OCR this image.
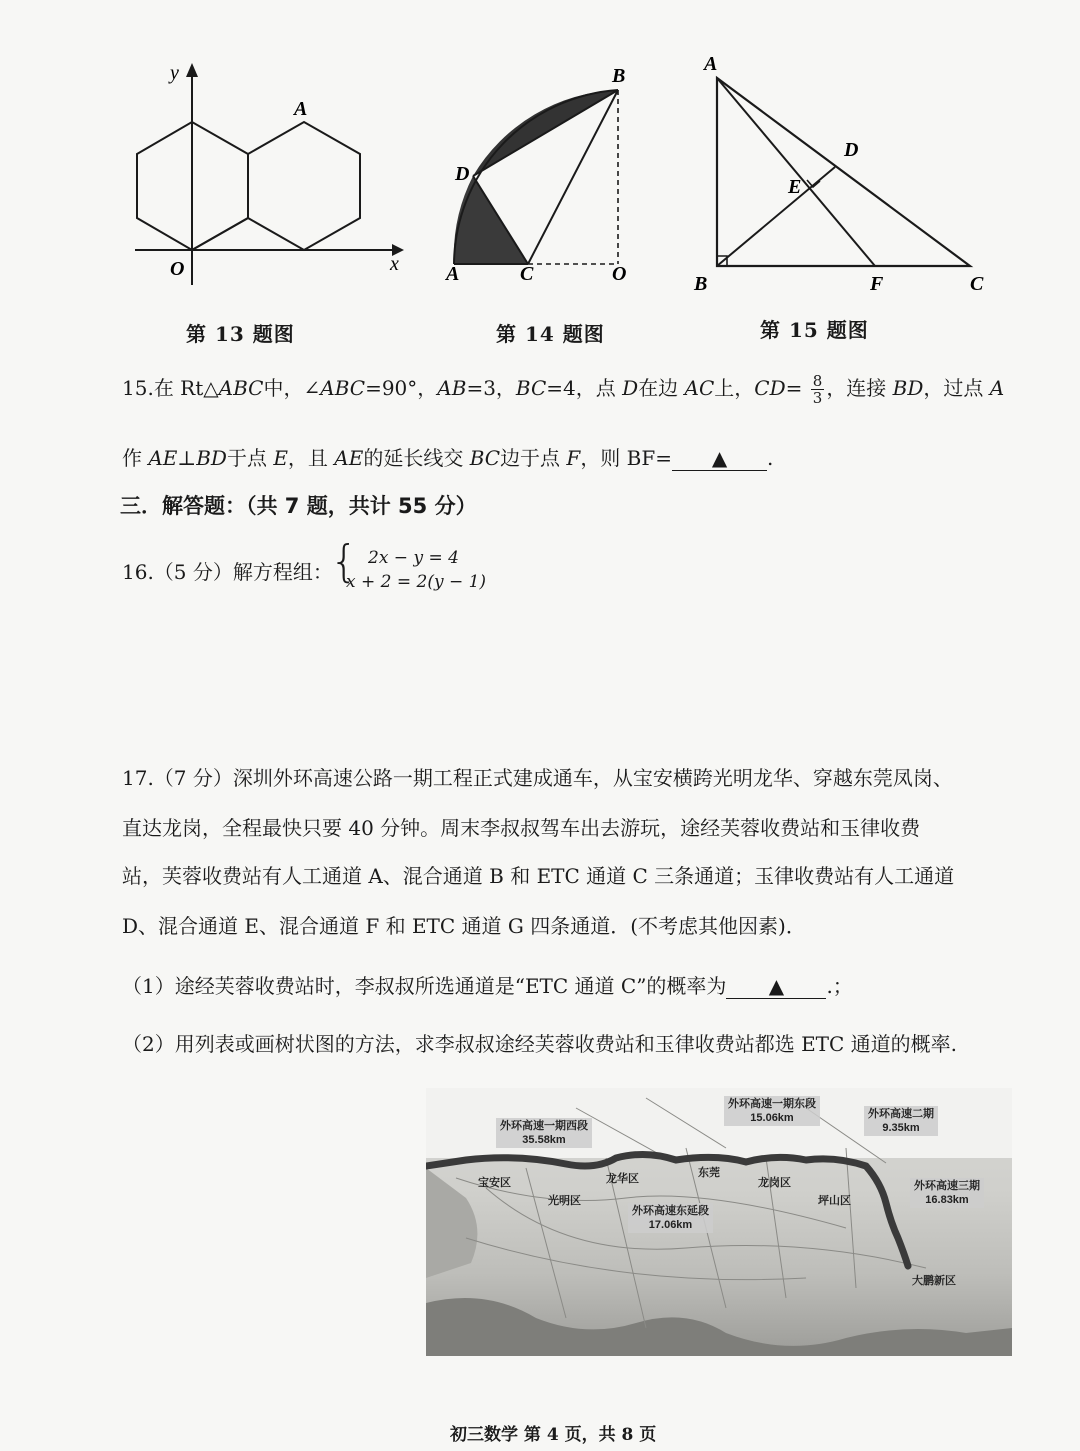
y
x
O
A
第 13 题图
B
D
A	C	O
第 14 题图
A
D
E
B	F	C
第 15 题图
15.在 Rt△ABC中，∠ABC=90°，AB=3，BC=4，点 D在边 AC上，$CD= \frac{8}{3}$ ，连接 BD，过点 A
作 AE⊥BD于点 E，且 AE的延长线交 BC边于点 F，则 BF= ▲ .
三．解答题：（共 7 题，共计 55 分）
16.（5 分）解方程组：
{ 2x − y = 4
x + 2 = 2(y − 1)
17.（7 分）深圳外环高速公路一期工程正式建成通车，从宝安横跨光明龙华、穿越东莞凤岗、
直达龙岗，全程最快只要 40 分钟。周末李叔叔驾车出去游玩，途经芙蓉收费站和玉律收费
站，芙蓉收费站有人工通道 A、混合通道 B 和 ETC 通道 C 三条通道；玉律收费站有人工通道
D、混合通道 E、混合通道 F 和 ETC 通道 G 四条通道．(不考虑其他因素)．
（1）途经芙蓉收费站时，李叔叔所选通道是“ETC 通道 C”的概率为 ▲ .；
（2）用列表或画树状图的方法，求李叔叔途经芙蓉收费站和玉律收费站都选 ETC 通道的概率.
外环高速一期西段
35.58km
外环高速一期东段
15.06km	外环高速二期
9.35km
外环高速三期
16.83km
外环高速东延段
17.06km
宝安区
光明区
龙华区	东莞
龙岗区
坪山区
大鹏新区
初三数学 第 4 页，共 8 页
